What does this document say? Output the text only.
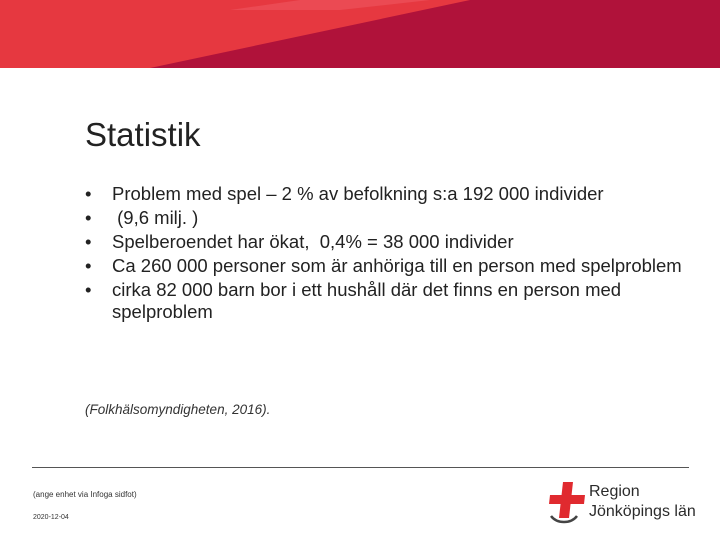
Statistik
• Problem med spel – 2 % av befolkning s:a 192 000 individer
• (9,6 milj. )
• Spelberoendet har ökat,  0,4% = 38 000 individer
• Ca 260 000 personer som är anhöriga till en person med spelproblem
• cirka 82 000 barn bor i ett hushåll där det finns en person med spelproblem
(Folkhälsomyndigheten, 2016).
(ange enhet via Infoga sidfot)
2020-12-04
Region
Jönköpings län
